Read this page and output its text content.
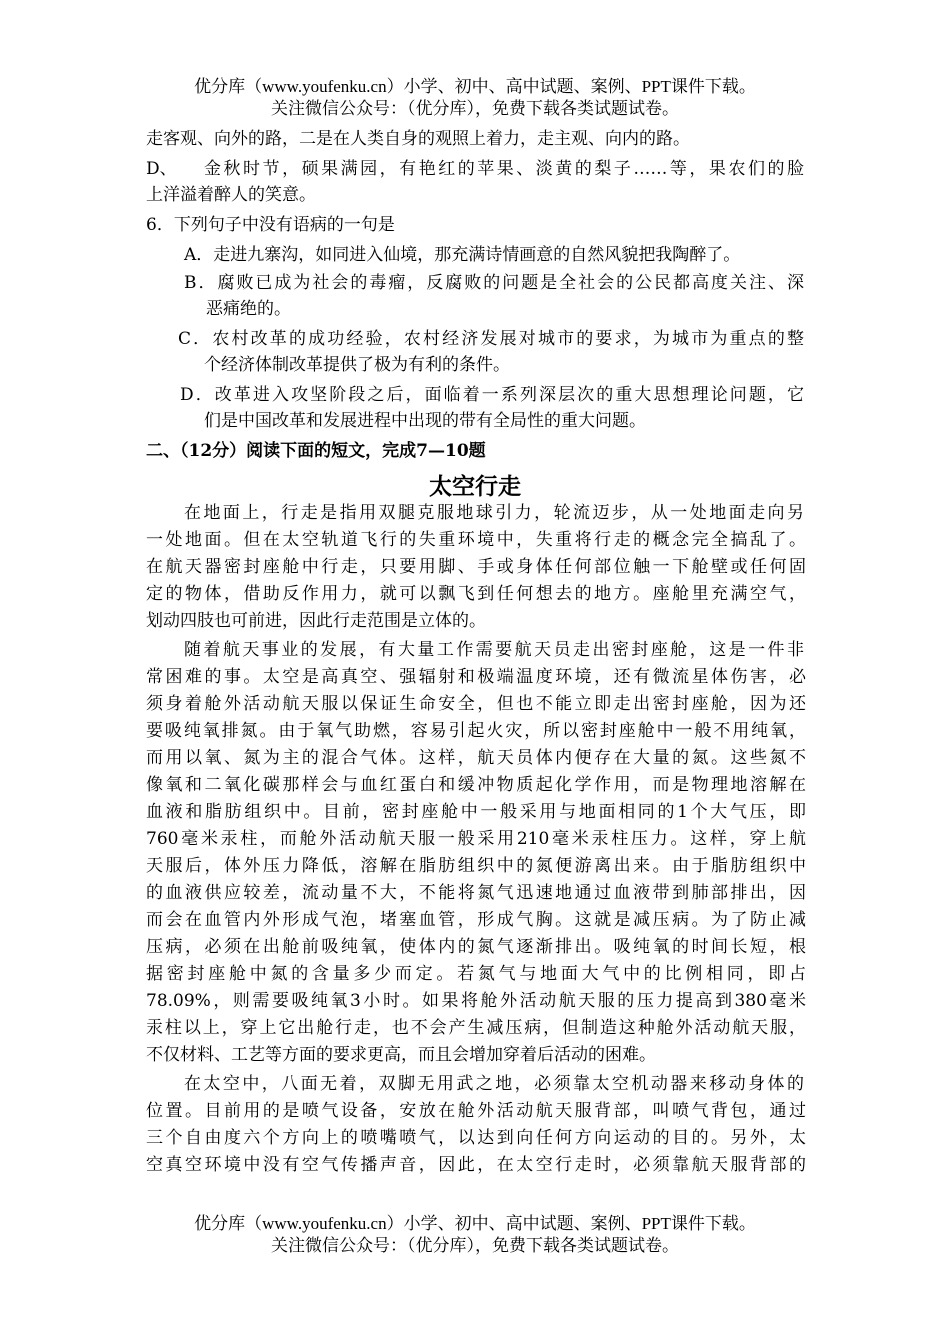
优分库（www.youfenku.cn）小学、初中、高中试题、案例、PPT课件下载。
关注微信公众号：（优分库），免费下载各类试题试卷。
走客观、向外的路，二是在人类自身的观照上着力，走主观、向内的路。
D、 金秋时节，硕果满园，有艳红的苹果、淡黄的梨子……等，果农们的脸
上洋溢着醉人的笑意。
6．下列句子中没有语病的一句是
A．走进九寨沟，如同进入仙境，那充满诗情画意的自然风貌把我陶醉了。
B．腐败已成为社会的毒瘤，反腐败的问题是全社会的公民都高度关注、深
恶痛绝的。
C．农村改革的成功经验，农村经济发展对城市的要求，为城市为重点的整
个经济体制改革提供了极为有利的条件。
D．改革进入攻坚阶段之后，面临着一系列深层次的重大思想理论问题，它
们是中国改革和发展进程中出现的带有全局性的重大问题。
二、（12分）阅读下面的短文，完成7—10题
太空行走
在地面上，行走是指用双腿克服地球引力，轮流迈步，从一处地面走向另
一处地面。但在太空轨道飞行的失重环境中，失重将行走的概念完全搞乱了。
在航天器密封座舱中行走，只要用脚、手或身体任何部位触一下舱壁或任何固
定的物体，借助反作用力，就可以飘飞到任何想去的地方。座舱里充满空气，
划动四肢也可前进，因此行走范围是立体的。
随着航天事业的发展，有大量工作需要航天员走出密封座舱，这是一件非
常困难的事。太空是高真空、强辐射和极端温度环境，还有微流星体伤害，必
须身着舱外活动航天服以保证生命安全，但也不能立即走出密封座舱，因为还
要吸纯氧排氮。由于氧气助燃，容易引起火灾，所以密封座舱中一般不用纯氧，
而用以氧、氮为主的混合气体。这样，航天员体内便存在大量的氮。这些氮不
像氧和二氧化碳那样会与血红蛋白和缓冲物质起化学作用，而是物理地溶解在
血液和脂肪组织中。目前，密封座舱中一般采用与地面相同的1个大气压，即
760毫米汞柱，而舱外活动航天服一般采用210毫米汞柱压力。这样，穿上航
天服后，体外压力降低，溶解在脂肪组织中的氮便游离出来。由于脂肪组织中
的血液供应较差，流动量不大，不能将氮气迅速地通过血液带到肺部排出，因
而会在血管内外形成气泡，堵塞血管，形成气胸。这就是减压病。为了防止减
压病，必须在出舱前吸纯氧，使体内的氮气逐渐排出。吸纯氧的时间长短，根
据密封座舱中氮的含量多少而定。若氮气与地面大气中的比例相同，即占
78.09%，则需要吸纯氧3小时。如果将舱外活动航天服的压力提高到380毫米
汞柱以上，穿上它出舱行走，也不会产生减压病，但制造这种舱外活动航天服，
不仅材料、工艺等方面的要求更高，而且会增加穿着后活动的困难。
在太空中，八面无着，双脚无用武之地，必须靠太空机动器来移动身体的
位置。目前用的是喷气设备，安放在舱外活动航天服背部，叫喷气背包，通过
三个自由度六个方向上的喷嘴喷气，以达到向任何方向运动的目的。另外，太
空真空环境中没有空气传播声音，因此，在太空行走时，必须靠航天服背部的
优分库（www.youfenku.cn）小学、初中、高中试题、案例、PPT课件下载。
关注微信公众号：（优分库），免费下载各类试题试卷。
